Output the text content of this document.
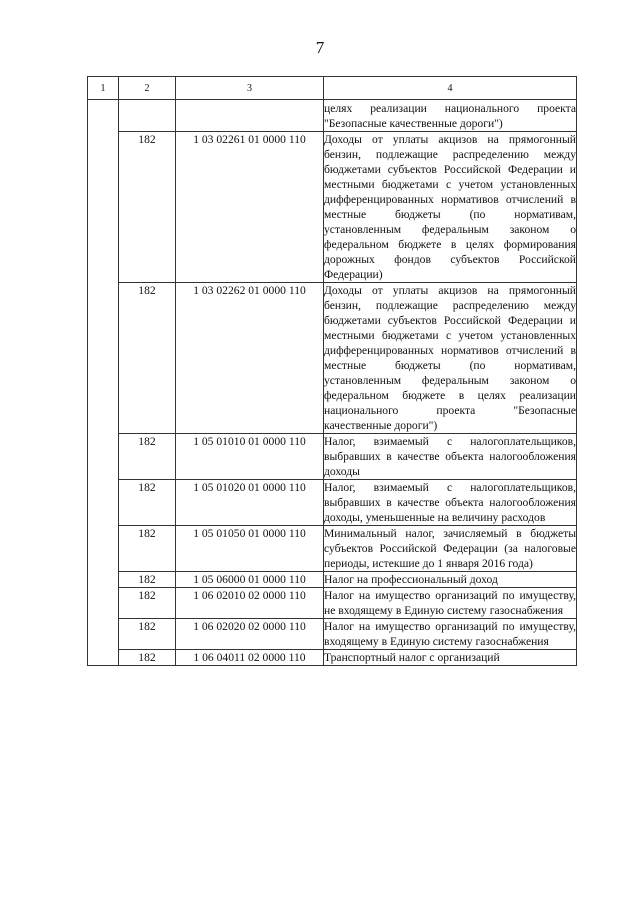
7
1	2	3	4
			целях реализации национального проекта "Безопасные качественные дороги")
	182	1 03 02261 01 0000 110	Доходы от уплаты акцизов на прямогонный бензин, подлежащие распределению между бюджетами субъектов Российской Федерации и местными бюджетами с учетом установленных дифференцированных нормативов отчислений в местные бюджеты (по нормативам, установленным федеральным законом о федеральном бюджете в целях формирования дорожных фондов субъектов Российской Федерации)
	182	1 03 02262 01 0000 110	Доходы от уплаты акцизов на прямогонный бензин, подлежащие распределению между бюджетами субъектов Российской Федерации и местными бюджетами с учетом установленных дифференцированных нормативов отчислений в местные бюджеты (по нормативам, установленным федеральным законом о федеральном бюджете в целях реализации национального проекта "Безопасные качественные дороги")
	182	1 05 01010 01 0000 110	Налог, взимаемый с налогоплательщиков, выбравших в качестве объекта налогообложения доходы
	182	1 05 01020 01 0000 110	Налог, взимаемый с налогоплательщиков, выбравших в качестве объекта налогообложения доходы, уменьшенные на величину расходов
	182	1 05 01050 01 0000 110	Минимальный налог, зачисляемый в бюджеты субъектов Российской Федерации (за налоговые периоды, истекшие до 1 января 2016 года)
	182	1 05 06000 01 0000 110	Налог на профессиональный доход
	182	1 06 02010 02 0000 110	Налог на имущество организаций по имуществу, не входящему в Единую систему газоснабжения
	182	1 06 02020 02 0000 110	Налог на имущество организаций по имуществу, входящему в Единую систему газоснабжения
	182	1 06 04011 02 0000 110	Транспортный налог с организаций
